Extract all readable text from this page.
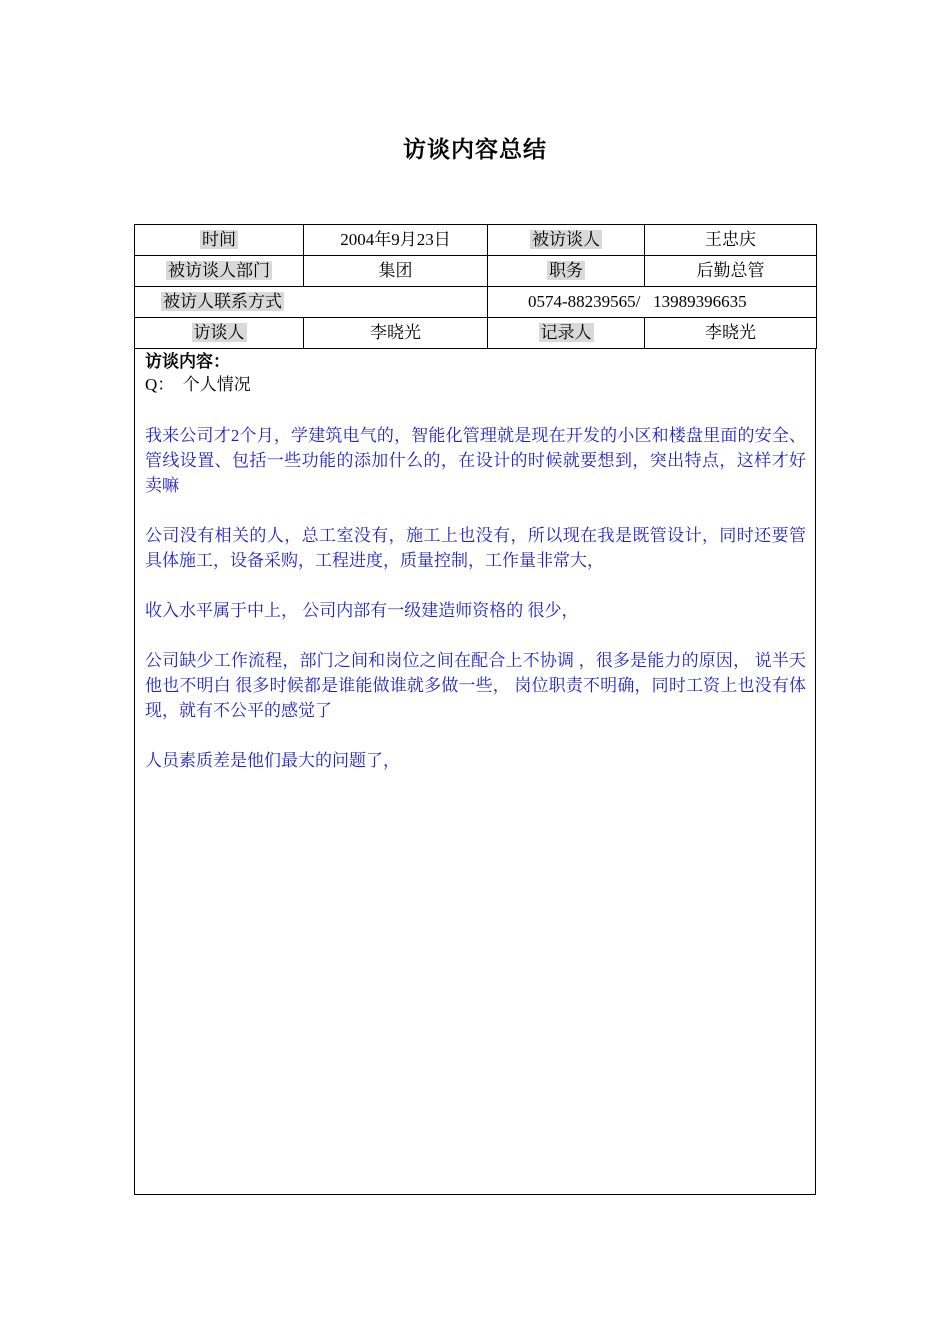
访谈内容总结
时间	2004年9月23日	被访谈人	王忠庆
被访谈人部门	集团	职务	后勤总管
被访人联系方式		0574-88239565/   13989396635	
访谈人	李晓光	记录人	李晓光
访谈内容：
Q：  个人情况

我来公司才2个月，学建筑电气的，智能化管理就是现在开发的小区和楼盘里面的安全、管线设置、包括一些功能的添加什么的，在设计的时候就要想到，突出特点，这样才好卖嘛

公司没有相关的人，总工室没有，施工上也没有，所以现在我是既管设计，同时还要管具体施工，设备采购，工程进度，质量控制，工作量非常大，

收入水平属于中上， 公司内部有一级建造师资格的 很少，

公司缺少工作流程，部门之间和岗位之间在配合上不协调 ，很多是能力的原因， 说半天他也不明白 很多时候都是谁能做谁就多做一些， 岗位职责不明确，同时工资上也没有体现，就有不公平的感觉了

人员素质差是他们最大的问题了，
